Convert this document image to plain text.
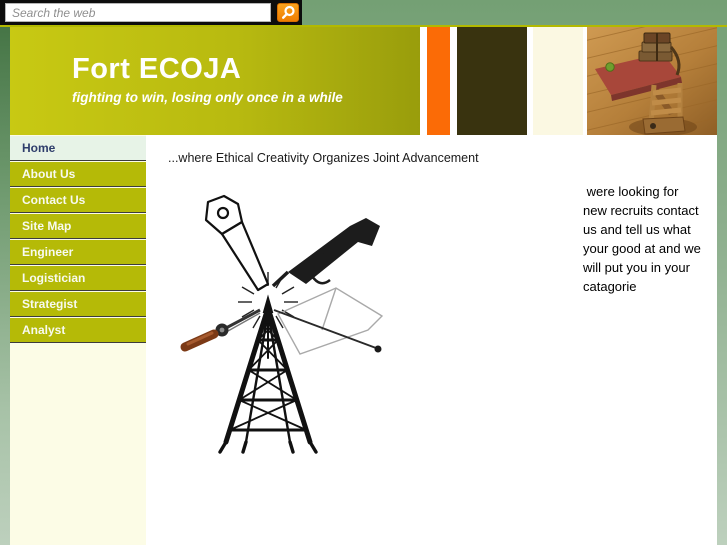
Search the web
Fort ECOJA
fighting to win, losing only once in a while
Home
About Us
Contact Us
Site Map
Engineer
Logistician
Strategist
Analyst
...where Ethical Creativity Organizes Joint Advancement
were looking for new recruits contact us and tell us what your good at and we will put you in your catagorie
